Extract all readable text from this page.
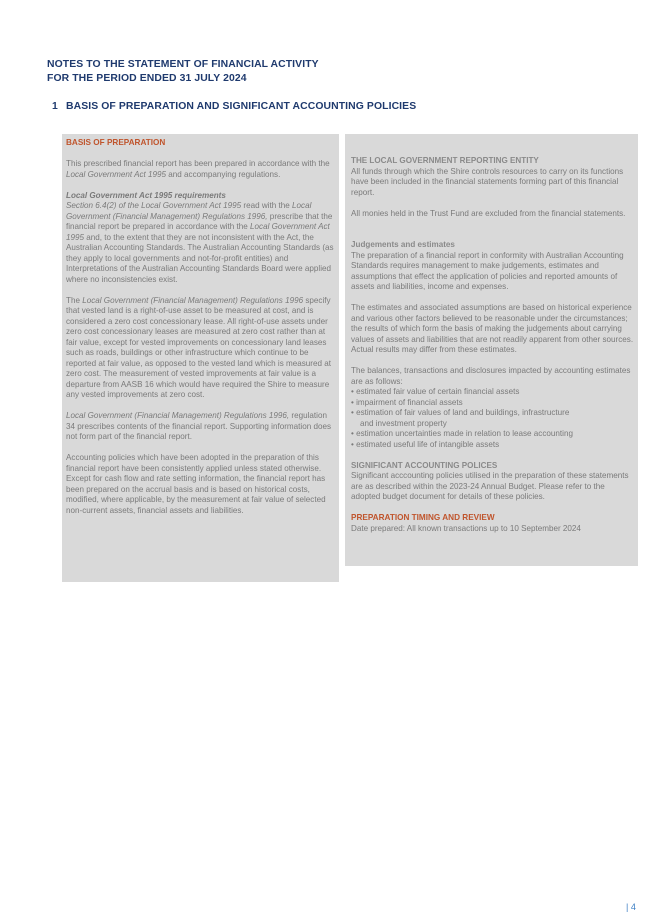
NOTES TO THE STATEMENT OF FINANCIAL ACTIVITY
FOR THE PERIOD ENDED 31 JULY 2024
1 BASIS OF PREPARATION AND SIGNIFICANT ACCOUNTING POLICIES
BASIS OF PREPARATION

This prescribed financial report has been prepared in accordance with the Local Government Act 1995 and accompanying regulations.

Local Government Act 1995 requirements

Section 6.4(2) of the Local Government Act 1995 read with the Local Government (Financial Management) Regulations 1996, prescribe that the financial report be prepared in accordance with the Local Government Act 1995 and, to the extent that they are not inconsistent with the Act, the Australian Accounting Standards. The Australian Accounting Standards (as they apply to local governments and not-for-profit entities) and Interpretations of the Australian Accounting Standards Board were applied where no inconsistencies exist.

The Local Government (Financial Management) Regulations 1996 specify that vested land is a right-of-use asset to be measured at cost, and is considered a zero cost concessionary lease. All right-of-use assets under zero cost concessionary leases are measured at zero cost rather than at fair value, except for vested improvements on concessionary land leases such as roads, buildings or other infrastructure which continue to be reported at fair value, as opposed to the vested land which is measured at zero cost. The measurement of vested improvements at fair value is a departure from AASB 16 which would have required the Shire to measure any vested improvements at zero cost.

Local Government (Financial Management) Regulations 1996, regulation 34 prescribes contents of the financial report. Supporting information does not form part of the financial report.

Accounting policies which have been adopted in the preparation of this financial report have been consistently applied unless stated otherwise. Except for cash flow and rate setting information, the financial report has been prepared on the accrual basis and is based on historical costs, modified, where applicable, by the measurement at fair value of selected non-current assets, financial assets and liabilities.

THE LOCAL GOVERNMENT REPORTING ENTITY

All funds through which the Shire controls resources to carry on its functions have been included in the financial statements forming part of this financial report.

All monies held in the Trust Fund are excluded from the financial statements.

Judgements and estimates

The preparation of a financial report in conformity with Australian Accounting Standards requires management to make judgements, estimates and assumptions that effect the application of policies and reported amounts of assets and liabilities, income and expenses.

The estimates and associated assumptions are based on historical experience and various other factors believed to be reasonable under the circumstances; the results of which form the basis of making the judgements about carrying values of assets and liabilities that are not readily apparent from other sources. Actual results may differ from these estimates.

The balances, transactions and disclosures impacted by accounting estimates are as follows:

• estimated fair value of certain financial assets

• impairment of financial assets

• estimation of fair values of land and buildings, infrastructure

and investment property

• estimation uncertainties made in relation to lease accounting

• estimated useful life of intangible assets

SIGNIFICANT ACCOUNTING POLICES

Significant acccounting policies utilised in the preparation of these statements are as described within the 2023-24 Annual Budget. Please refer to the adopted budget document for details of these policies.

PREPARATION TIMING AND REVIEW

Date prepared: All known transactions up to 10 September 2024

| 4
